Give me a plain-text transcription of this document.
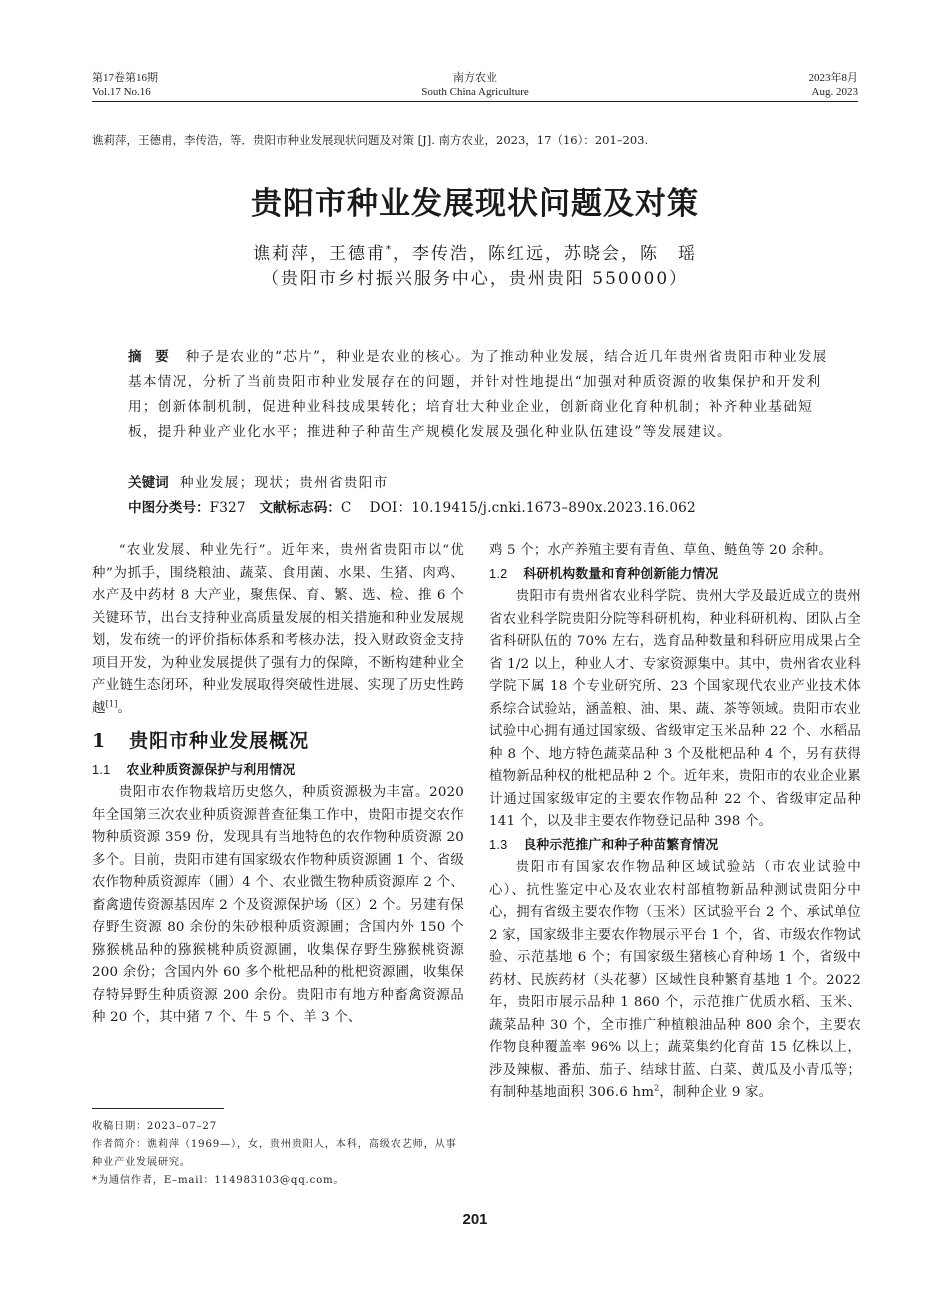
第17卷第16期
Vol.17 No.16
南方农业
South China Agriculture
2023年8月
Aug. 2023
谯莉萍，王德甫，李传浩，等．贵阳市种业发展现状问题及对策 [J]. 南方农业，2023，17（16）：201–203.
贵阳市种业发展现状问题及对策
谯莉萍，王德甫*，李传浩，陈红远，苏晓会，陈　瑶
（贵阳市乡村振兴服务中心，贵州贵阳 550000）
摘　要 种子是农业的“芯片”，种业是农业的核心。为了推动种业发展，结合近几年贵州省贵阳市种业发展基本情况，分析了当前贵阳市种业发展存在的问题，并针对性地提出“加强对种质资源的收集保护和开发利用；创新体制机制，促进种业科技成果转化；培育壮大种业企业，创新商业化育种机制；补齐种业基础短板，提升种业产业化水平；推进种子种苗生产规模化发展及强化种业队伍建设”等发展建议。
关键词 种业发展；现状；贵州省贵阳市
中图分类号：F327 文献标志码：C DOI：10.19415/j.cnki.1673–890x.2023.16.062

“农业发展、种业先行”。近年来，贵州省贵阳市以“优种”为抓手，围绕粮油、蔬菜、食用菌、水果、生猪、肉鸡、水产及中药材 8 大产业，聚焦保、育、繁、选、检、推 6 个关键环节，出台支持种业高质量发展的相关措施和种业发展规划，发布统一的评价指标体系和考核办法，投入财政资金支持项目开发，为种业发展提供了强有力的保障，不断构建种业全产业链生态闭环，种业发展取得突破性进展、实现了历史性跨越[1]。

1 贵阳市种业发展概况
1.1 农业种质资源保护与利用情况

贵阳市农作物栽培历史悠久，种质资源极为丰富。2020 年全国第三次农业种质资源普查征集工作中，贵阳市提交农作物种质资源 359 份，发现具有当地特色的农作物种质资源 20 多个。目前，贵阳市建有国家级农作物种质资源圃 1 个、省级农作物种质资源库（圃）4 个、农业微生物种质资源库 2 个、畜禽遗传资源基因库 2 个及资源保护场（区）2 个。另建有保存野生资源 80 余份的朱砂根种质资源圃；含国内外 150 个猕猴桃品种的猕猴桃种质资源圃，收集保存野生猕猴桃资源 200 余份；含国内外 60 多个枇杷品种的枇杷资源圃，收集保存特异野生种质资源 200 余份。贵阳市有地方种畜禽资源品种 20 个，其中猪 7 个、牛 5 个、羊 3 个、

鸡 5 个；水产养殖主要有青鱼、草鱼、鲢鱼等 20 余种。

1.2 科研机构数量和育种创新能力情况

贵阳市有贵州省农业科学院、贵州大学及最近成立的贵州省农业科学院贵阳分院等科研机构，种业科研机构、团队占全省科研队伍的 70% 左右，选育品种数量和科研应用成果占全省 1/2 以上，种业人才、专家资源集中。其中，贵州省农业科学院下属 18 个专业研究所、23 个国家现代农业产业技术体系综合试验站，涵盖粮、油、果、蔬、茶等领域。贵阳市农业试验中心拥有通过国家级、省级审定玉米品种 22 个、水稻品种 8 个、地方特色蔬菜品种 3 个及枇杷品种 4 个，另有获得植物新品种权的枇杷品种 2 个。近年来，贵阳市的农业企业累计通过国家级审定的主要农作物品种 22 个、省级审定品种 141 个，以及非主要农作物登记品种 398 个。

1.3 良种示范推广和种子种苗繁育情况

贵阳市有国家农作物品种区域试验站（市农业试验中心）、抗性鉴定中心及农业农村部植物新品种测试贵阳分中心，拥有省级主要农作物（玉米）区试验平台 2 个、承试单位 2 家，国家级非主要农作物展示平台 1 个，省、市级农作物试验、示范基地 6 个；有国家级生猪核心育种场 1 个，省级中药材、民族药材（头花蓼）区域性良种繁育基地 1 个。2022 年，贵阳市展示品种 1 860 个，示范推广优质水稻、玉米、蔬菜品种 30 个，全市推广种植粮油品种 800 余个，主要农作物良种覆盖率 96% 以上；蔬菜集约化育苗 15 亿株以上，涉及辣椒、番茄、茄子、结球甘蓝、白菜、黄瓜及小青瓜等；有制种基地面积 306.6 $hm^2$，制种企业 9 家。

收稿日期：2023–07–27
作者简介：谯莉萍（1969—），女，贵州贵阳人，本科，高级农艺师，从事种业产业发展研究。
*为通信作者，E–mail：114983103@qq.com。
201
